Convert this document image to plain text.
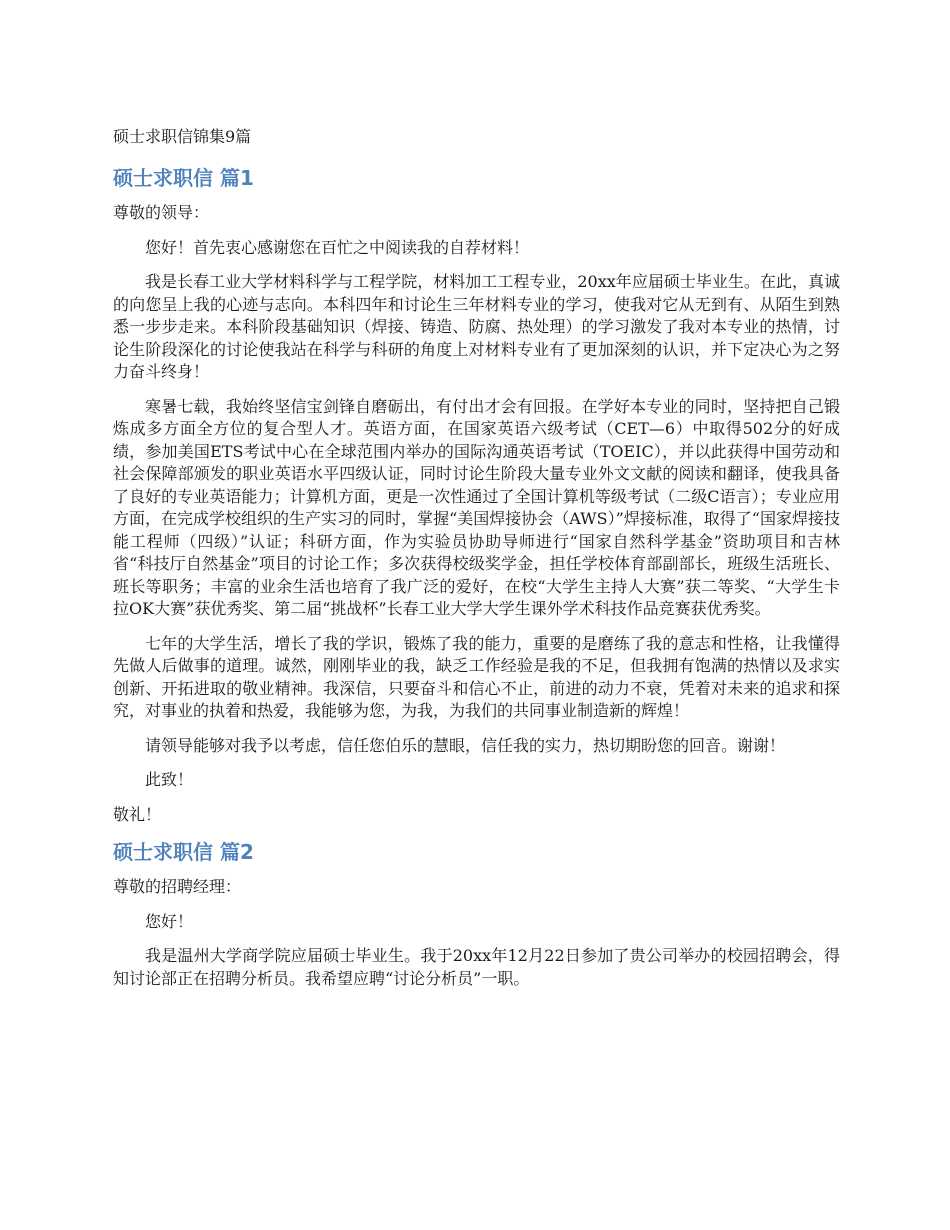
硕士求职信锦集9篇
硕士求职信 篇1

尊敬的领导：

您好！首先衷心感谢您在百忙之中阅读我的自荐材料！

我是长春工业大学材料科学与工程学院，材料加工工程专业，20xx年应届硕士毕业生。在此，真诚的向您呈上我的心迹与志向。本科四年和讨论生三年材料专业的学习，使我对它从无到有、从陌生到熟悉一步步走来。本科阶段基础知识（焊接、铸造、防腐、热处理）的学习激发了我对本专业的热情，讨论生阶段深化的讨论使我站在科学与科研的角度上对材料专业有了更加深刻的认识，并下定决心为之努力奋斗终身！

寒暑七载，我始终坚信宝剑锋自磨砺出，有付出才会有回报。在学好本专业的同时，坚持把自己锻炼成多方面全方位的复合型人才。英语方面，在国家英语六级考试（CET—6）中取得502分的好成绩，参加美国ETS考试中心在全球范围内举办的国际沟通英语考试（TOEIC），并以此获得中国劳动和社会保障部颁发的职业英语水平四级认证，同时讨论生阶段大量专业外文文献的阅读和翻译，使我具备了良好的专业英语能力；计算机方面，更是一次性通过了全国计算机等级考试（二级C语言）；专业应用方面，在完成学校组织的生产实习的同时，掌握“美国焊接协会（AWS）”焊接标准，取得了“国家焊接技能工程师（四级）”认证；科研方面，作为实验员协助导师进行“国家自然科学基金”资助项目和吉林省“科技厅自然基金”项目的讨论工作；多次获得校级奖学金，担任学校体育部副部长，班级生活班长、班长等职务；丰富的业余生活也培育了我广泛的爱好，在校“大学生主持人大赛”获二等奖、“大学生卡拉OK大赛”获优秀奖、第二届“挑战杯”长春工业大学大学生课外学术科技作品竞赛获优秀奖。

七年的大学生活，增长了我的学识，锻炼了我的能力，重要的是磨练了我的意志和性格，让我懂得先做人后做事的道理。诚然，刚刚毕业的我，缺乏工作经验是我的不足，但我拥有饱满的热情以及求实创新、开拓进取的敬业精神。我深信，只要奋斗和信心不止，前进的动力不衰，凭着对未来的追求和探究，对事业的执着和热爱，我能够为您，为我，为我们的共同事业制造新的辉煌！

请领导能够对我予以考虑，信任您伯乐的慧眼，信任我的实力，热切期盼您的回音。谢谢！

此致！

敬礼！

硕士求职信 篇2

尊敬的招聘经理：

您好！

我是温州大学商学院应届硕士毕业生。我于20xx年12月22日参加了贵公司举办的校园招聘会，得知讨论部正在招聘分析员。我希望应聘“讨论分析员”一职。
